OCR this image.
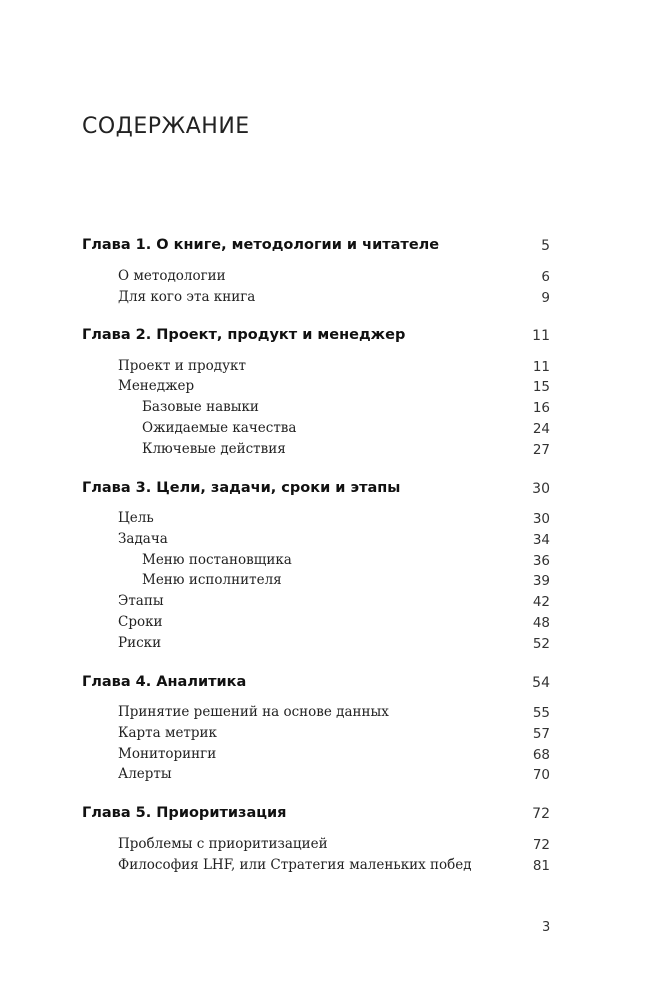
СОДЕРЖАНИЕ
Глава 1. О книге, методологии и читателе	5
О методологии	6
Для кого эта книга	9
Глава 2. Проект, продукт и менеджер	11
Проект и продукт	11
Менеджер	15
Базовые навыки	16
Ожидаемые качества	24
Ключевые действия	27
Глава 3. Цели, задачи, сроки и этапы	30
Цель	30
Задача	34
Меню постановщика	36
Меню исполнителя	39
Этапы	42
Сроки	48
Риски	52
Глава 4. Аналитика	54
Принятие решений на основе данных	55
Карта метрик	57
Мониторинги	68
Алерты	70
Глава 5. Приоритизация	72
Проблемы с приоритизацией	72
Философия LHF, или Стратегия маленьких побед	81
3
